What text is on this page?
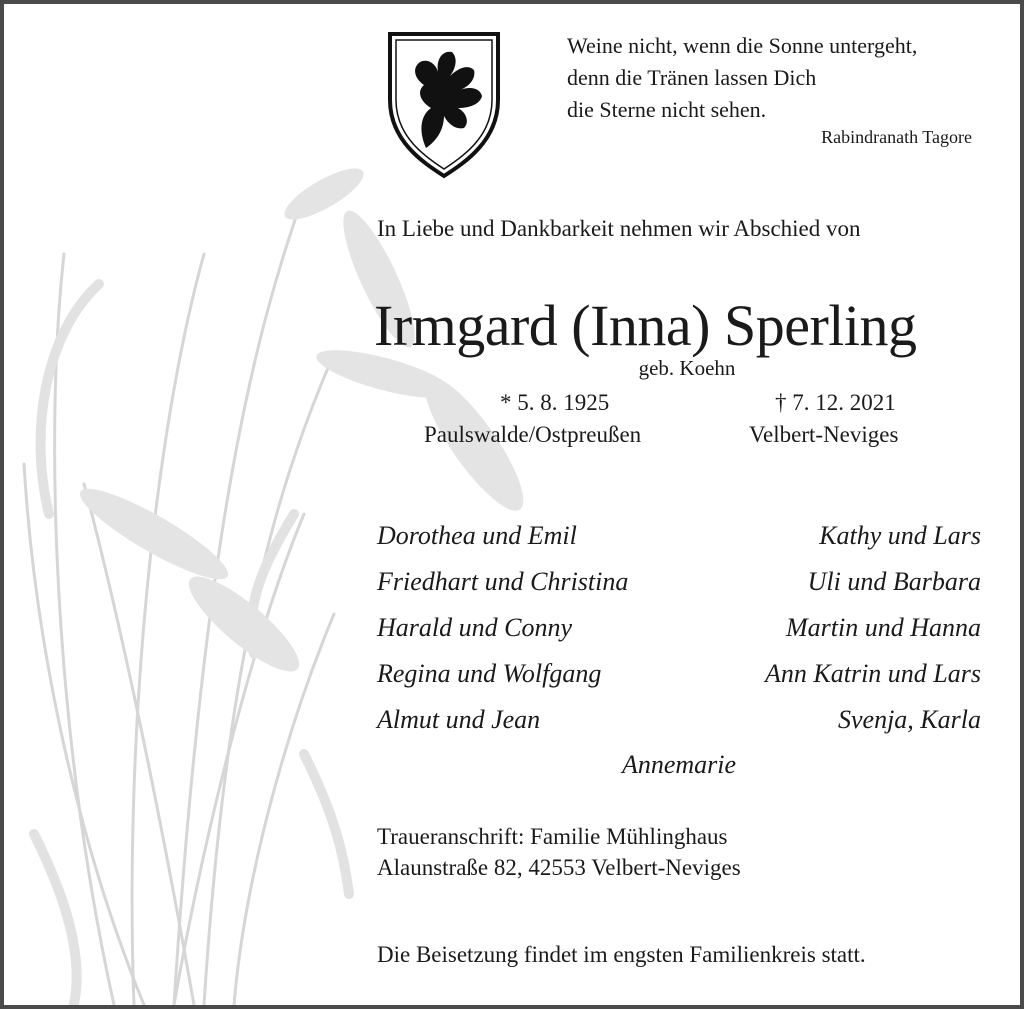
Weine nicht, wenn die Sonne untergeht,
denn die Tränen lassen Dich
die Sterne nicht sehen.
Rabindranath Tagore
In Liebe und Dankbarkeit nehmen wir Abschied von
Irmgard (Inna) Sperling
geb. Koehn
* 5. 8. 1925	† 7. 12. 2021
Paulswalde/Ostpreußen	Velbert-Neviges
Dorothea und Emil	Kathy und Lars
Friedhart und Christina	Uli und Barbara
Harald und Conny	Martin und Hanna
Regina und Wolfgang	Ann Katrin und Lars
Almut und Jean	Svenja, Karla
Annemarie
Traueranschrift: Familie Mühlinghaus
Alaunstraße 82, 42553 Velbert-Neviges
Die Beisetzung findet im engsten Familienkreis statt.
